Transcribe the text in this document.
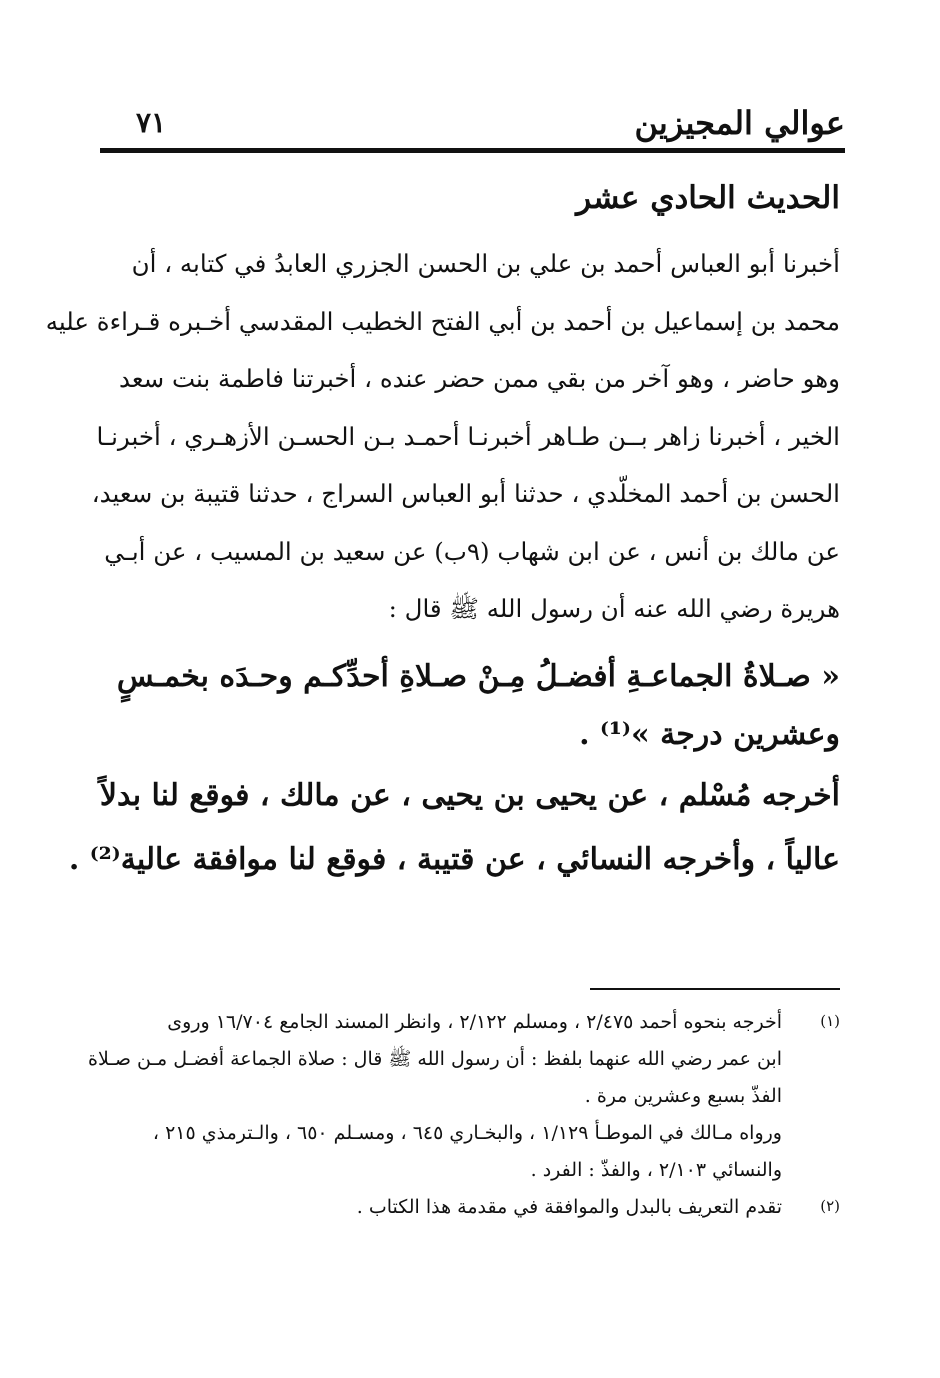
عوالي المجيزين
٧١
الحديث الحادي عشر
أخبرنا أبو العباس أحمد بن علي بن الحسن الجزري العابدُ في كتابه ، أن
محمد بن إسماعيل بن أحمد بن أبي الفتح الخطيب المقدسي أخـبره قـراءة عليه
وهو حاضر ، وهو آخر من بقي ممن حضر عنده ، أخبرتنا فاطمة بنت سعد
الخير ، أخبرنا زاهر بــن طـاهر أخبرنـا أحمـد بـن الحسـن الأزهـري ، أخبرنـا
الحسن بن أحمد المخلّدي ، حدثنا أبو العباس السراج ، حدثنا قتيبة بن سعيد،
عن مالك بن أنس ، عن ابن شهاب (٩ب) عن سعيد بن المسيب ، عن أبـي
هريرة رضي الله عنه أن رسول الله ﷺ قال :
« صـلاةُ الجماعـةِ أفضـلُ مِـنْ صـلاةِ أحدِّكـم وحـدَه بخمـسٍ
وعشرين درجة »⁽¹⁾ .
أخرجه مُسْلم ، عن يحيى بن يحيى ، عن مالك ، فوقع لنا بدلاً
عالياً ، وأخرجه النسائي ، عن قتيبة ، فوقع لنا موافقة عالية⁽²⁾ .
(١)
أخرجه بنحوه أحمد ٢/٤٧٥ ، ومسلم ٢/١٢٢ ، وانظر المسند الجامع ١٦/٧٠٤ وروى
ابن عمر رضي الله عنهما بلفظ : أن رسول الله ﷺ قال : صلاة الجماعة أفضـل مـن صـلاة
الفذّ بسبع وعشرين مرة .
ورواه مـالك في الموطـأ ١/١٢٩ ، والبخـاري ٦٤٥ ، ومسـلم ٦٥٠ ، والـترمذي ٢١٥ ،
والنسائي ٢/١٠٣ ، والفذّ : الفرد .
(٢)
تقدم التعريف بالبدل والموافقة في مقدمة هذا الكتاب .
